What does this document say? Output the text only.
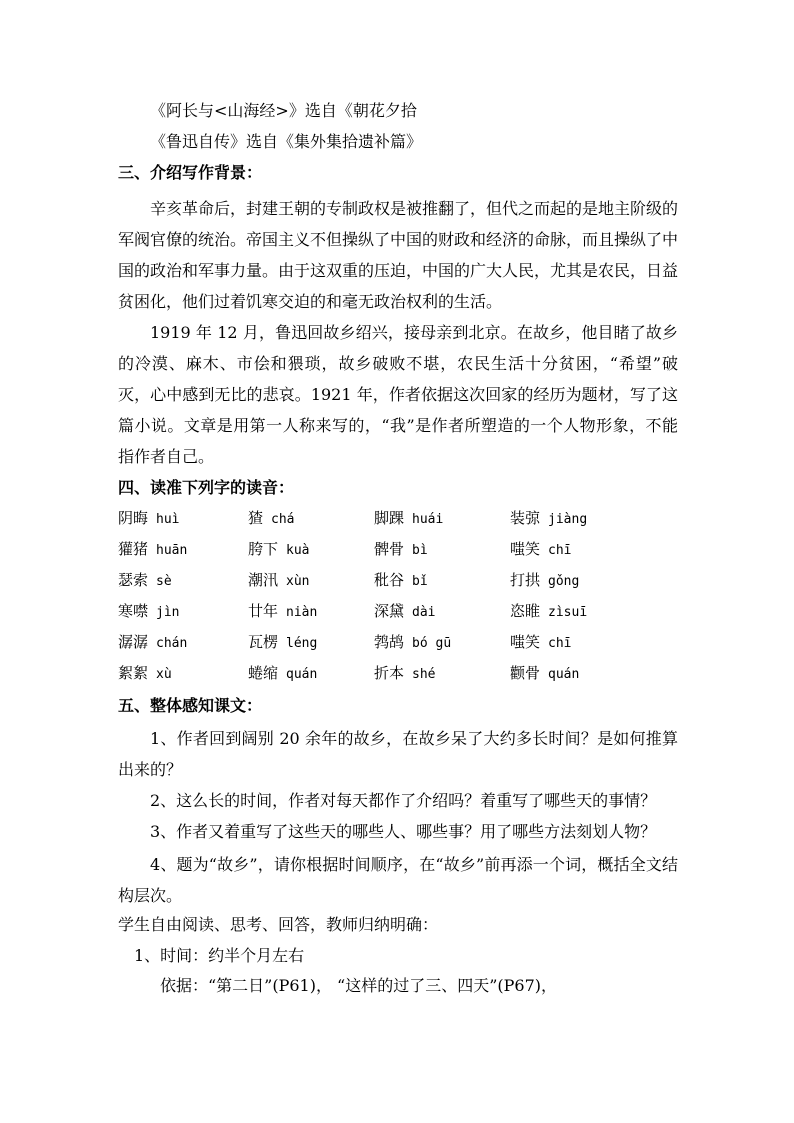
《阿长与<山海经>》选自《朝花夕拾
《鲁迅自传》选自《集外集拾遗补篇》
三、介绍写作背景：
辛亥革命后，封建王朝的专制政权是被推翻了，但代之而起的是地主阶级的军阀官僚的统治。帝国主义不但操纵了中国的财政和经济的命脉，而且操纵了中国的政治和军事力量。由于这双重的压迫，中国的广大人民，尤其是农民，日益贫困化，他们过着饥寒交迫的和毫无政治权利的生活。
1919 年 12 月，鲁迅回故乡绍兴，接母亲到北京。在故乡，他目睹了故乡的冷漠、麻木、市侩和猥琐，故乡破败不堪，农民生活十分贫困，“希望”破灭，心中感到无比的悲哀。1921 年，作者依据这次回家的经历为题材，写了这篇小说。文章是用第一人称来写的，“我”是作者所塑造的一个人物形象，不能指作者自己。
四、读准下列字的读音：
阴晦 huì	猹 chá	脚踝 huái	装弶 jiàng
獾猪 huān	胯下 kuà	髀骨 bì	嗤笑 chī
瑟索 sè	潮汛 xùn	秕谷 bǐ	打拱 gǒng
寒噤 jìn	廿年 niàn	深黛 dài	恣睢 zìsuī
潺潺 chán	瓦楞 léng	鹁鸪 bó gū	嗤笑 chī
絮絮 xù	蜷缩 quán	折本 shé	颧骨 quán
五、整体感知课文：
1、作者回到阔别 20 余年的故乡，在故乡呆了大约多长时间？是如何推算出来的？
2、这么长的时间，作者对每天都作了介绍吗？着重写了哪些天的事情？
3、作者又着重写了这些天的哪些人、哪些事？用了哪些方法刻划人物？
4、题为“故乡”，请你根据时间顺序，在“故乡”前再添一个词，概括全文结构层次。
学生自由阅读、思考、回答，教师归纳明确：
1、时间：约半个月左右
依据：“第二日”(P61)， “这样的过了三、四天”(P67)，
